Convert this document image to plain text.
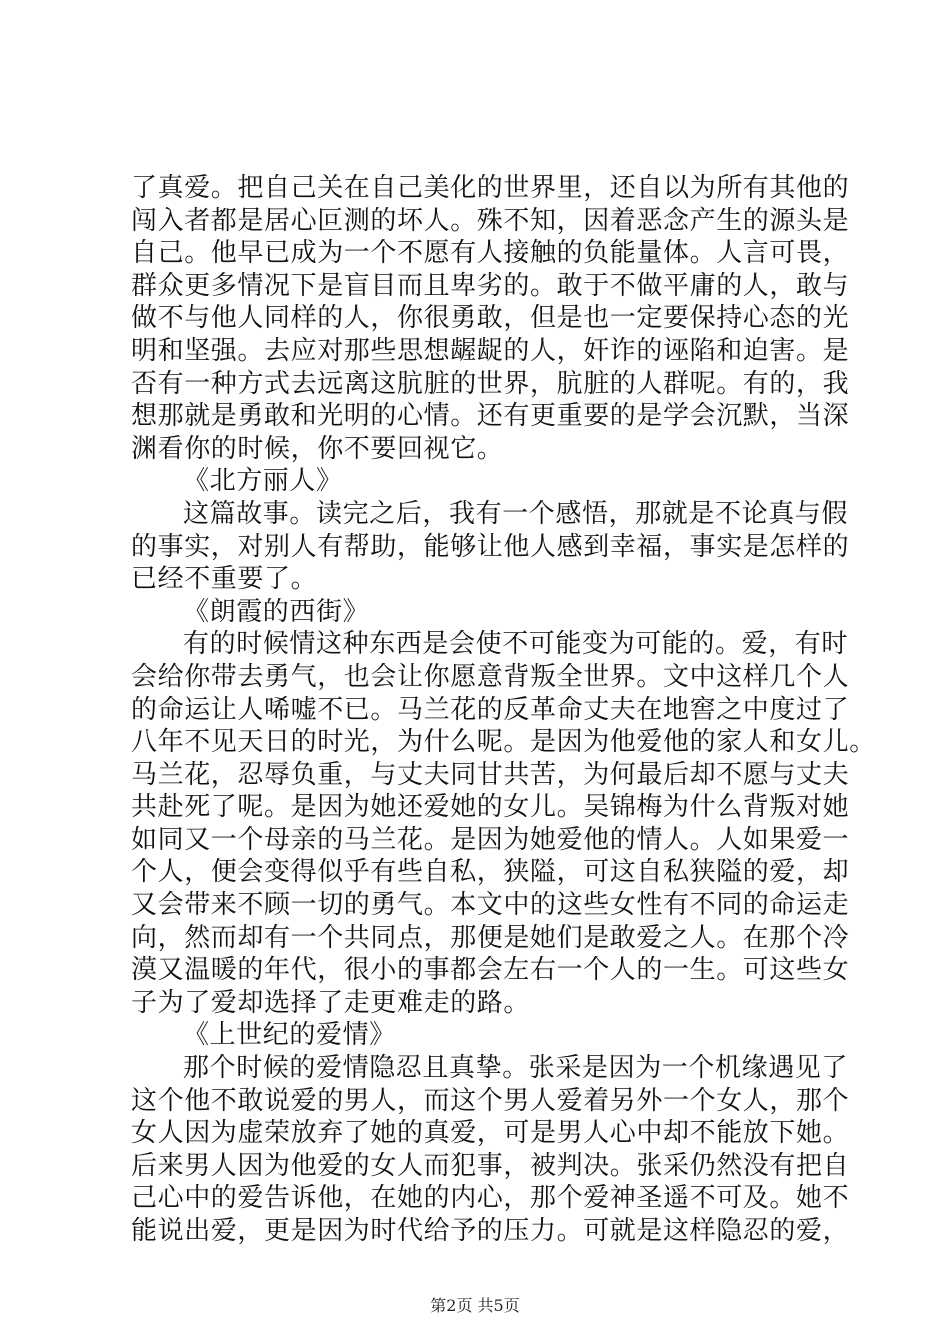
了真爱。把自己关在自己美化的世界里，还自以为所有其他的
闯入者都是居心叵测的坏人。殊不知，因着恶念产生的源头是
自己。他早已成为一个不愿有人接触的负能量体。人言可畏，
群众更多情况下是盲目而且卑劣的。敢于不做平庸的人，敢与
做不与他人同样的人，你很勇敢，但是也一定要保持心态的光
明和坚强。去应对那些思想龌龊的人，奸诈的诬陷和迫害。是
否有一种方式去远离这肮脏的世界，肮脏的人群呢。有的，我
想那就是勇敢和光明的心情。还有更重要的是学会沉默，当深
渊看你的时候，你不要回视它。
《北方丽人》
这篇故事。读完之后，我有一个感悟，那就是不论真与假
的事实，对别人有帮助，能够让他人感到幸福，事实是怎样的
已经不重要了。
《朗霞的西街》
有的时候情这种东西是会使不可能变为可能的。爱，有时
会给你带去勇气，也会让你愿意背叛全世界。文中这样几个人
的命运让人唏嘘不已。马兰花的反革命丈夫在地窖之中度过了
八年不见天日的时光，为什么呢。是因为他爱他的家人和女儿。
马兰花，忍辱负重，与丈夫同甘共苦，为何最后却不愿与丈夫
共赴死了呢。是因为她还爱她的女儿。吴锦梅为什么背叛对她
如同又一个母亲的马兰花。是因为她爱他的情人。人如果爱一
个人，便会变得似乎有些自私，狭隘，可这自私狭隘的爱，却
又会带来不顾一切的勇气。本文中的这些女性有不同的命运走
向，然而却有一个共同点，那便是她们是敢爱之人。在那个冷
漠又温暖的年代，很小的事都会左右一个人的一生。可这些女
子为了爱却选择了走更难走的路。
《上世纪的爱情》
那个时候的爱情隐忍且真挚。张采是因为一个机缘遇见了
这个他不敢说爱的男人，而这个男人爱着另外一个女人，那个
女人因为虚荣放弃了她的真爱，可是男人心中却不能放下她。
后来男人因为他爱的女人而犯事，被判决。张采仍然没有把自
己心中的爱告诉他，在她的内心，那个爱神圣遥不可及。她不
能说出爱，更是因为时代给予的压力。可就是这样隐忍的爱，
第2页 共5页
